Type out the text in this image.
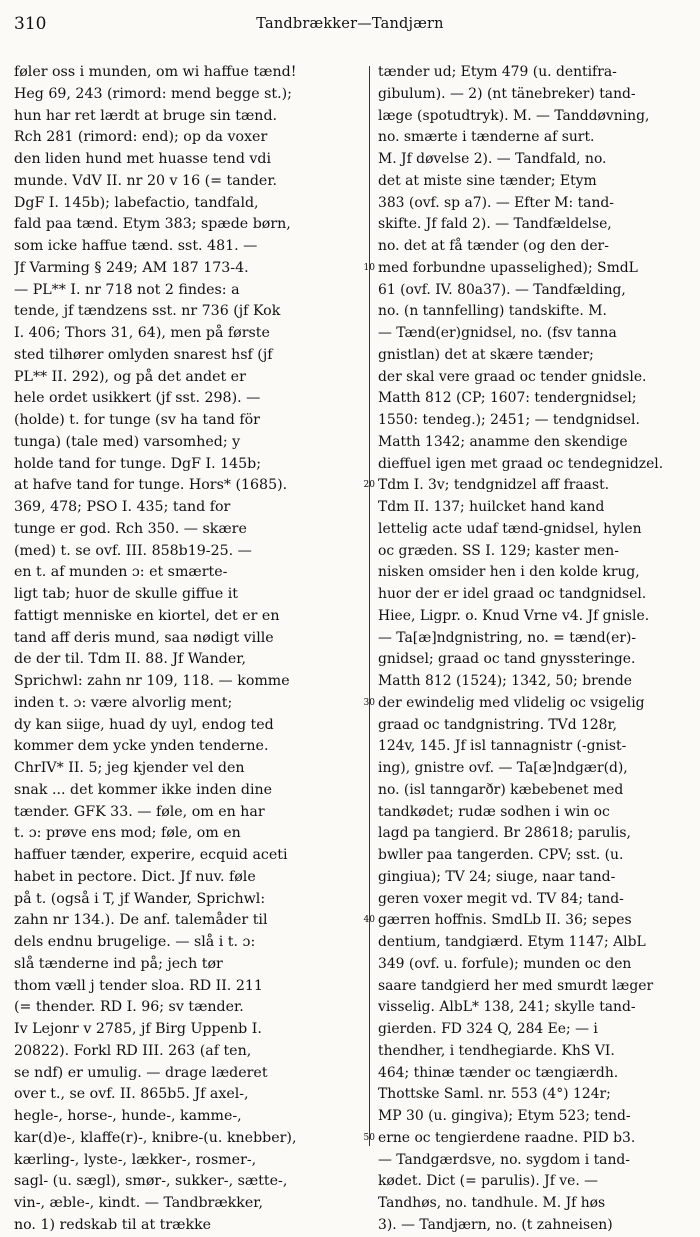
310	Tandbrækker—Tandjærn
føler oss i munden, om wi haffue tænd!
Heg 69, 243 (rimord: mend begge st.);
hun har ret lærdt at bruge sin tænd.
Rch 281 (rimord: end); op da voxer
den liden hund met huasse tend vdi
munde. VdV II. nr 20 v 16 (= tander.
DgF I. 145b); labefactio, tandfald,
fald paa tænd. Etym 383; spæde børn,
som icke haffue tænd. sst. 481. —
Jf Varming § 249; AM 187 173-4.
— PL** I. nr 718 not 2 findes: a
tende, jf tændzens sst. nr 736 (jf Kok
I. 406; Thors 31, 64), men på første
sted tilhører omlyden snarest hsf (jf
PL** II. 292), og på det andet er
hele ordet usikkert (jf sst. 298). —
(holde) t. for tunge (sv ha tand för
tunga) (tale med) varsomhed; y
holde tand for tunge. DgF I. 145b;
at hafve tand for tunge. Hors* (1685).
369, 478; PSO I. 435; tand for
tunge er god. Rch 350. — skære
(med) t. se ovf. III. 858b19-25. —
en t. af munden ɔ: et smærte-
ligt tab; huor de skulle giffue it
fattigt menniske en kiortel, det er en
tand aff deris mund, saa nødigt ville
de der til. Tdm II. 88. Jf Wander,
Sprichwl: zahn nr 109, 118. — komme
inden t. ɔ: være alvorlig ment;
dy kan siige, huad dy uyl, endog ted
kommer dem ycke ynden tenderne.
ChrIV* II. 5; jeg kjender vel den
snak ... det kommer ikke inden dine
tænder. GFK 33. — føle, om en har
t. ɔ: prøve ens mod; føle, om en
haffuer tænder, experire, ecquid aceti
habet in pectore. Dict. Jf nuv. føle
på t. (også i T, jf Wander, Sprichwl:
zahn nr 134.). De anf. talemåder til
dels endnu brugelige. — slå i t. ɔ:
slå tænderne ind på; jech tør
thom væll j tender sloa. RD II. 211
(= thender. RD I. 96; sv tænder.
Iv Lejonr v 2785, jf Birg Uppenb I.
20822). Forkl RD III. 263 (af ten,
se ndf) er umulig. — drage læderet
over t., se ovf. II. 865b5. Jf axel-,
hegle-, horse-, hunde-, kamme-,
kar(d)e-, klaffe(r)-, knibre-(u. knebber),
kærling-, lyste-, lækker-, rosmer-,
sagl- (u. sægl), smør-, sukker-, sætte-,
vin-, æble-, kindt. — Tandbrækker,
no. 1) redskab til at trække
10
20
30
40
50
tænder ud; Etym 479 (u. dentifra-
gibulum). — 2) (nt tänebreker) tand-
læge (spotudtryk). M. — Tanddøvning,
no. smærte i tænderne af surt.
M. Jf døvelse 2). — Tandfald, no.
det at miste sine tænder; Etym
383 (ovf. sp a7). — Efter M: tand-
skifte. Jf fald 2). — Tandfældelse,
no. det at få tænder (og den der-
med forbundne upasselighed); SmdL
61 (ovf. IV. 80a37). — Tandfælding,
no. (n tannfelling) tandskifte. M.
— Tænd(er)gnidsel, no. (fsv tanna
gnistlan) det at skære tænder;
der skal vere graad oc tender gnidsle.
Matth 812 (CP; 1607: tendergnidsel;
1550: tendeg.); 2451; — tendgnidsel.
Matth 1342; anamme den skendige
dieffuel igen met graad oc tendegnidzel.
Tdm I. 3v; tendgnidzel aff fraast.
Tdm II. 137; huilcket hand kand
lettelig acte udaf tænd-gnidsel, hylen
oc græden. SS I. 129; kaster men-
nisken omsider hen i den kolde krug,
huor der er idel graad oc tandgnidsel.
Hiee, Ligpr. o. Knud Vrne v4. Jf gnisle.
— Ta[æ]ndgnistring, no. = tænd(er)-
gnidsel; graad oc tand gnyssteringe.
Matth 812 (1524); 1342, 50; brende
der ewindelig med vlidelig oc vsigelig
graad oc tandgnistring. TVd 128r,
124v, 145. Jf isl tannagnistr (-gnist-
ing), gnistre ovf. — Ta[æ]ndgær(d),
no. (isl tanngarðr) kæbebenet med
tandkødet; rudæ sodhen i win oc
lagd pa tangierd. Br 28618; parulis,
bwller paa tangerden. CPV; sst. (u.
gingiua); TV 24; siuge, naar tand-
geren voxer megit vd. TV 84; tand-
gærren hoffnis. SmdLb II. 36; sepes
dentium, tandgiærd. Etym 1147; AlbL
349 (ovf. u. forfule); munden oc den
saare tandgierd her med smurdt læger
visselig. AlbL* 138, 241; skylle tand-
gierden. FD 324 Q, 284 Ee; — i
thendher, i tendhegiarde. KhS VI.
464; thinæ tænder oc tængiærdh.
Thottske Saml. nr. 553 (4°) 124r;
MP 30 (u. gingiva); Etym 523; tend-
erne oc tengierdene raadne. PID b3.
— Tandgærdsve, no. sygdom i tand-
kødet. Dict (= parulis). Jf ve. —
Tandhøs, no. tandhule. M. Jf høs
3). — Tandjærn, no. (t zahneisen)
